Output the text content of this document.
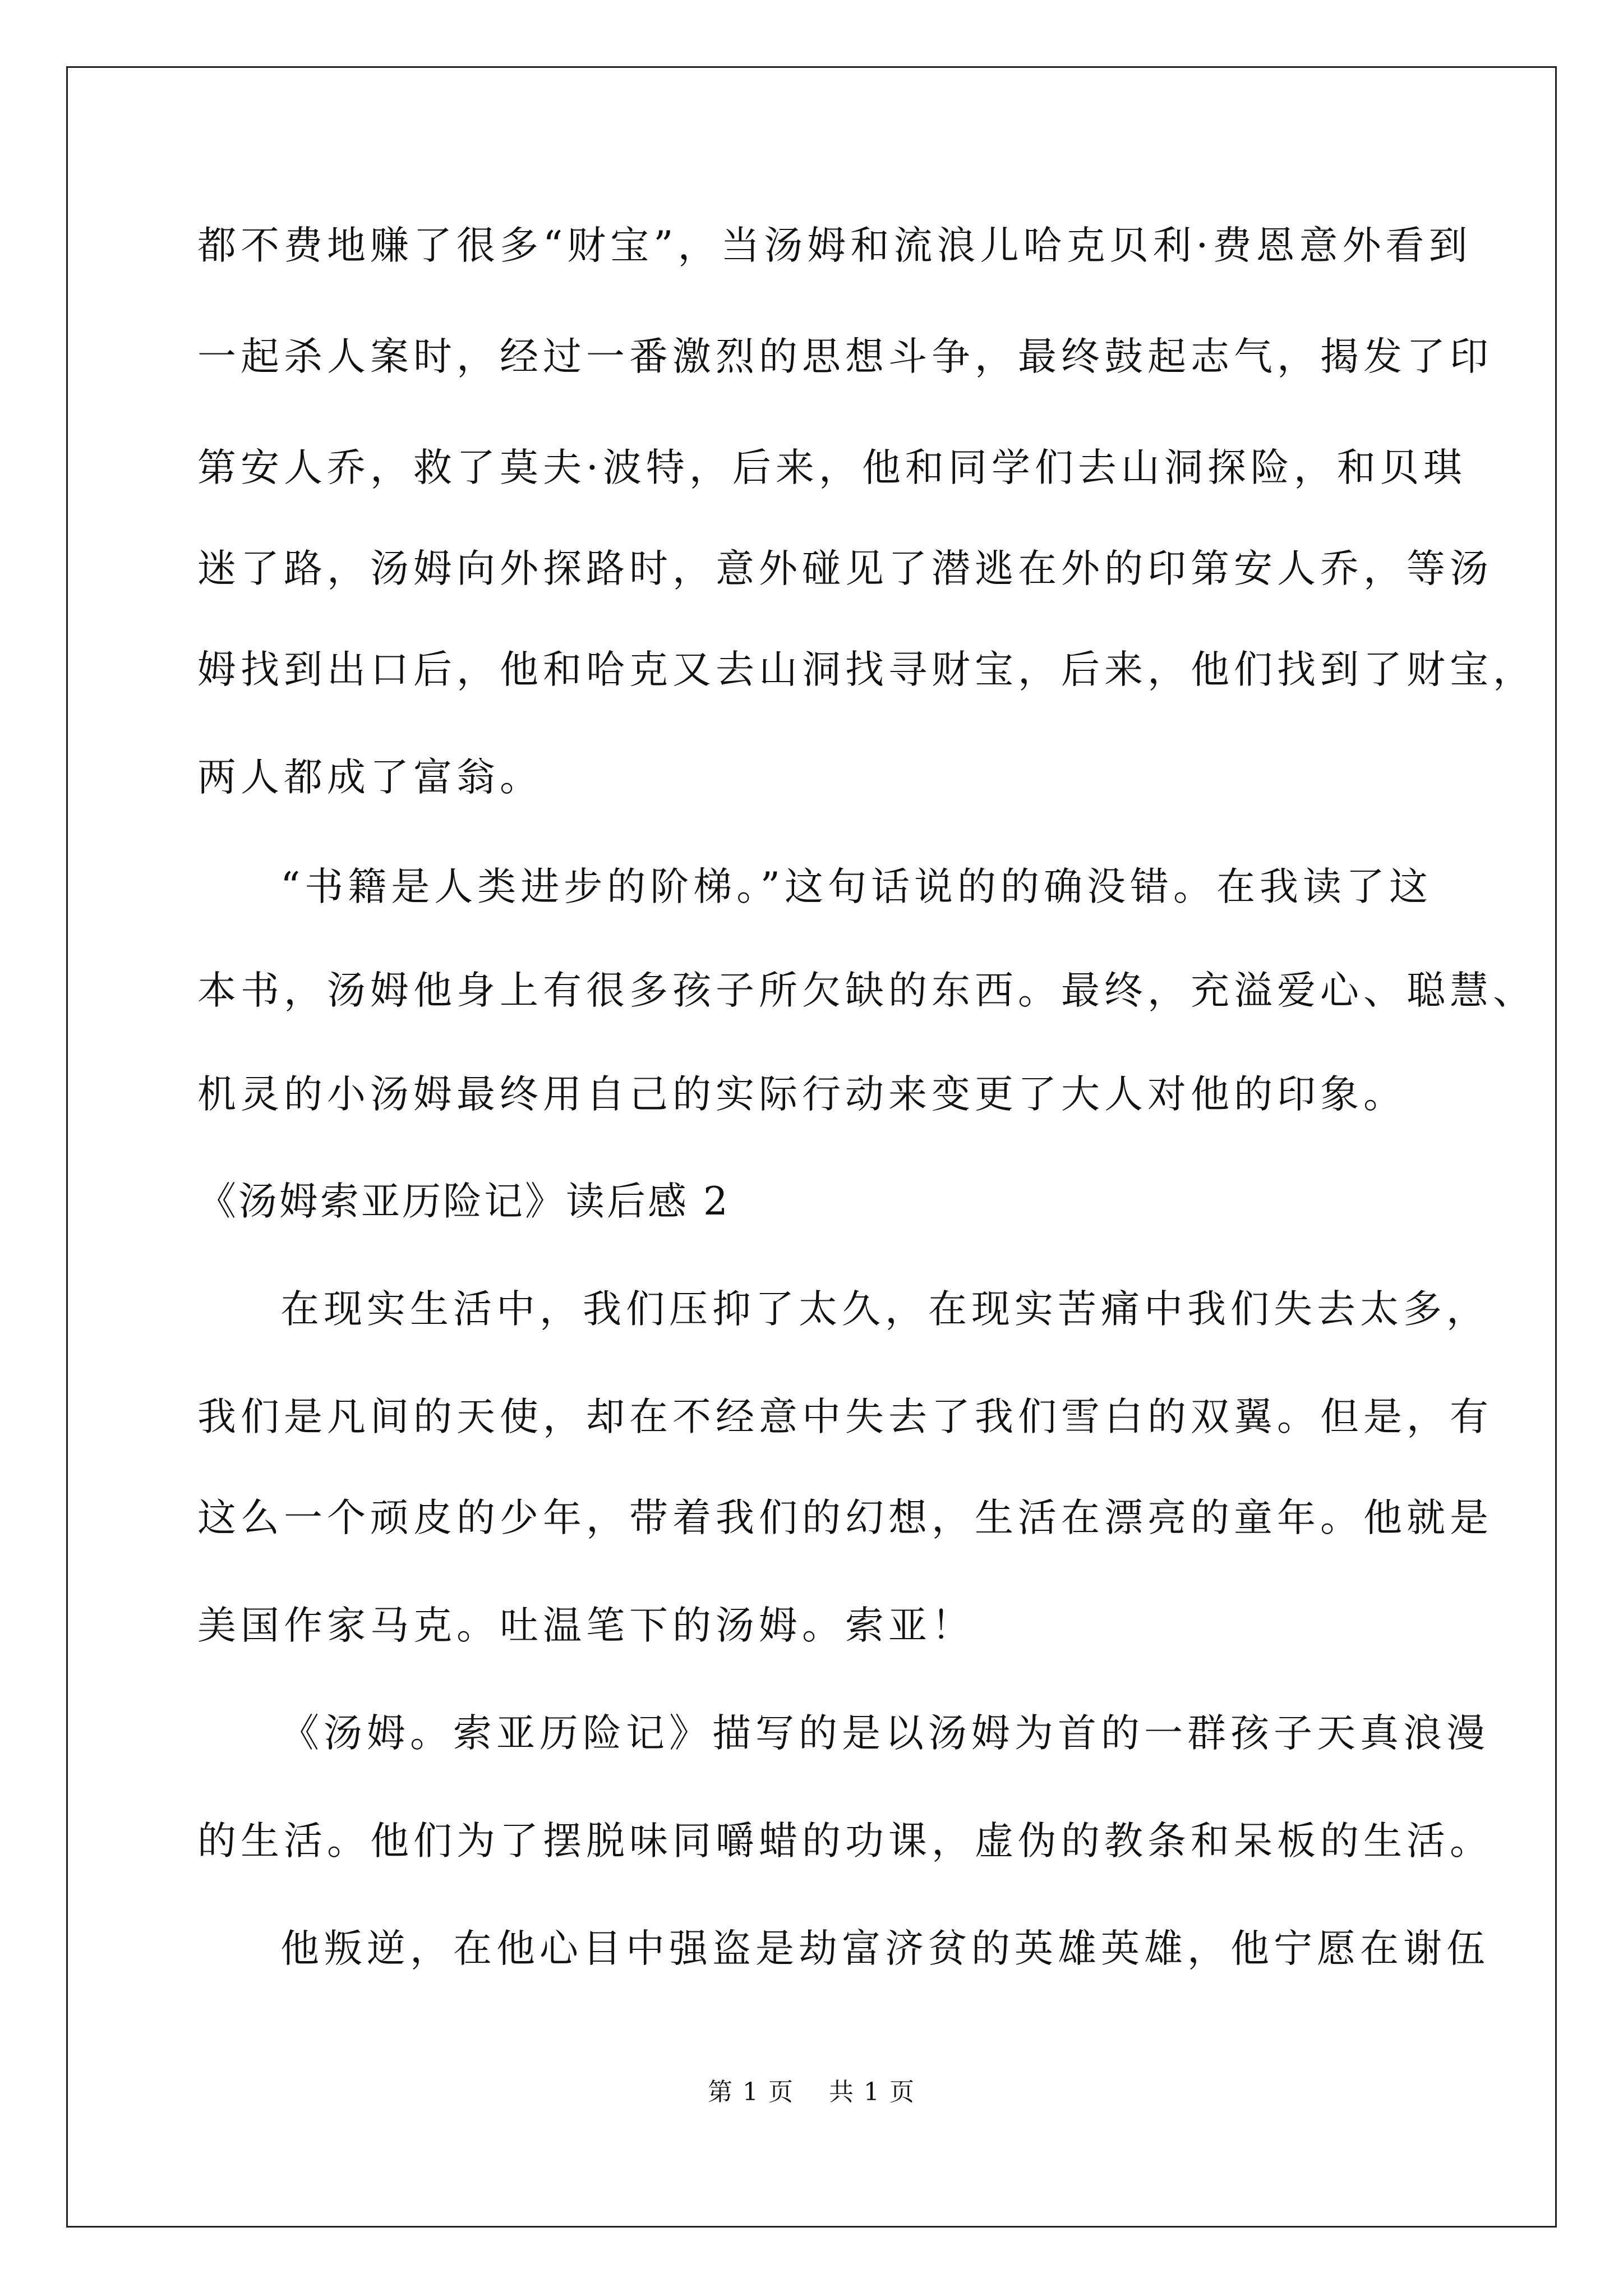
都不费地赚了很多“财宝”，当汤姆和流浪儿哈克贝利·费恩意外看到
一起杀人案时，经过一番激烈的思想斗争，最终鼓起志气，揭发了印
第安人乔，救了莫夫·波特，后来，他和同学们去山洞探险，和贝琪
迷了路，汤姆向外探路时，意外碰见了潜逃在外的印第安人乔，等汤
姆找到出口后，他和哈克又去山洞找寻财宝，后来，他们找到了财宝，
两人都成了富翁。
“书籍是人类进步的阶梯。”这句话说的的确没错。在我读了这
本书，汤姆他身上有很多孩子所欠缺的东西。最终，充溢爱心、聪慧、
机灵的小汤姆最终用自己的实际行动来变更了大人对他的印象。
《汤姆索亚历险记》读后感 2
在现实生活中，我们压抑了太久，在现实苦痛中我们失去太多，
我们是凡间的天使，却在不经意中失去了我们雪白的双翼。但是，有
这么一个顽皮的少年，带着我们的幻想，生活在漂亮的童年。他就是
美国作家马克。吐温笔下的汤姆。索亚！
《汤姆。索亚历险记》描写的是以汤姆为首的一群孩子天真浪漫
的生活。他们为了摆脱味同嚼蜡的功课，虚伪的教条和呆板的生活。
他叛逆，在他心目中强盗是劫富济贫的英雄英雄，他宁愿在谢伍
第 1 页　 共 1 页
